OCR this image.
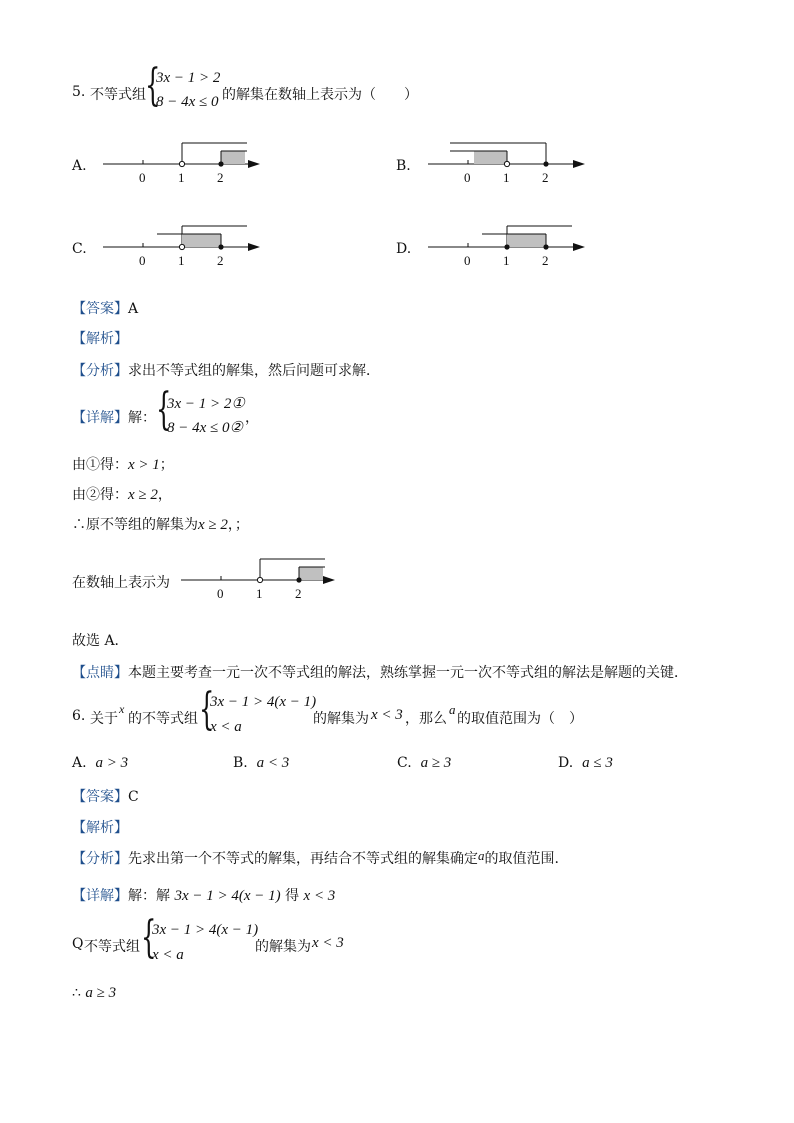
5. 不等式组 {
3x − 1 > 2
8 − 4x ≤ 0 的解集在数轴上表示为（　　）
A.
0	1	2
B.
0	1	2
C.
0	1	2
D.
0	1	2
【答案】A
【解析】
【分析】求出不等式组的解集，然后问题可求解．
【详解】解： {
3x − 1 > 2①
8 − 4x ≤ 0②
，
由①得：x > 1；
由②得：x ≥ 2，
∴原不等组的解集为x ≥ 2，；
在数轴上表示为
0	1	2
故选 A．
【点睛】本题主要考查一元一次不等式组的解法，熟练掌握一元一次不等式组的解法是解题的关键．
6. 关于
x
的不等式组 {
3x − 1 > 4(x − 1)
x < a	的解集为 x < 3 ，那么
a
的取值范围为（　）
A. a > 3	B. a < 3	C. a ≥ 3	D. a ≤ 3
【答案】C
【解析】
【分析】先求出第一个不等式的解集，再结合不等式组的解集确定a的取值范围.
【详解】解：解 3x − 1 > 4(x − 1) 得 x < 3
Q 不等式组 {
3x − 1 > 4(x − 1)
x < a	的解集为 x < 3
∴ a ≥ 3
